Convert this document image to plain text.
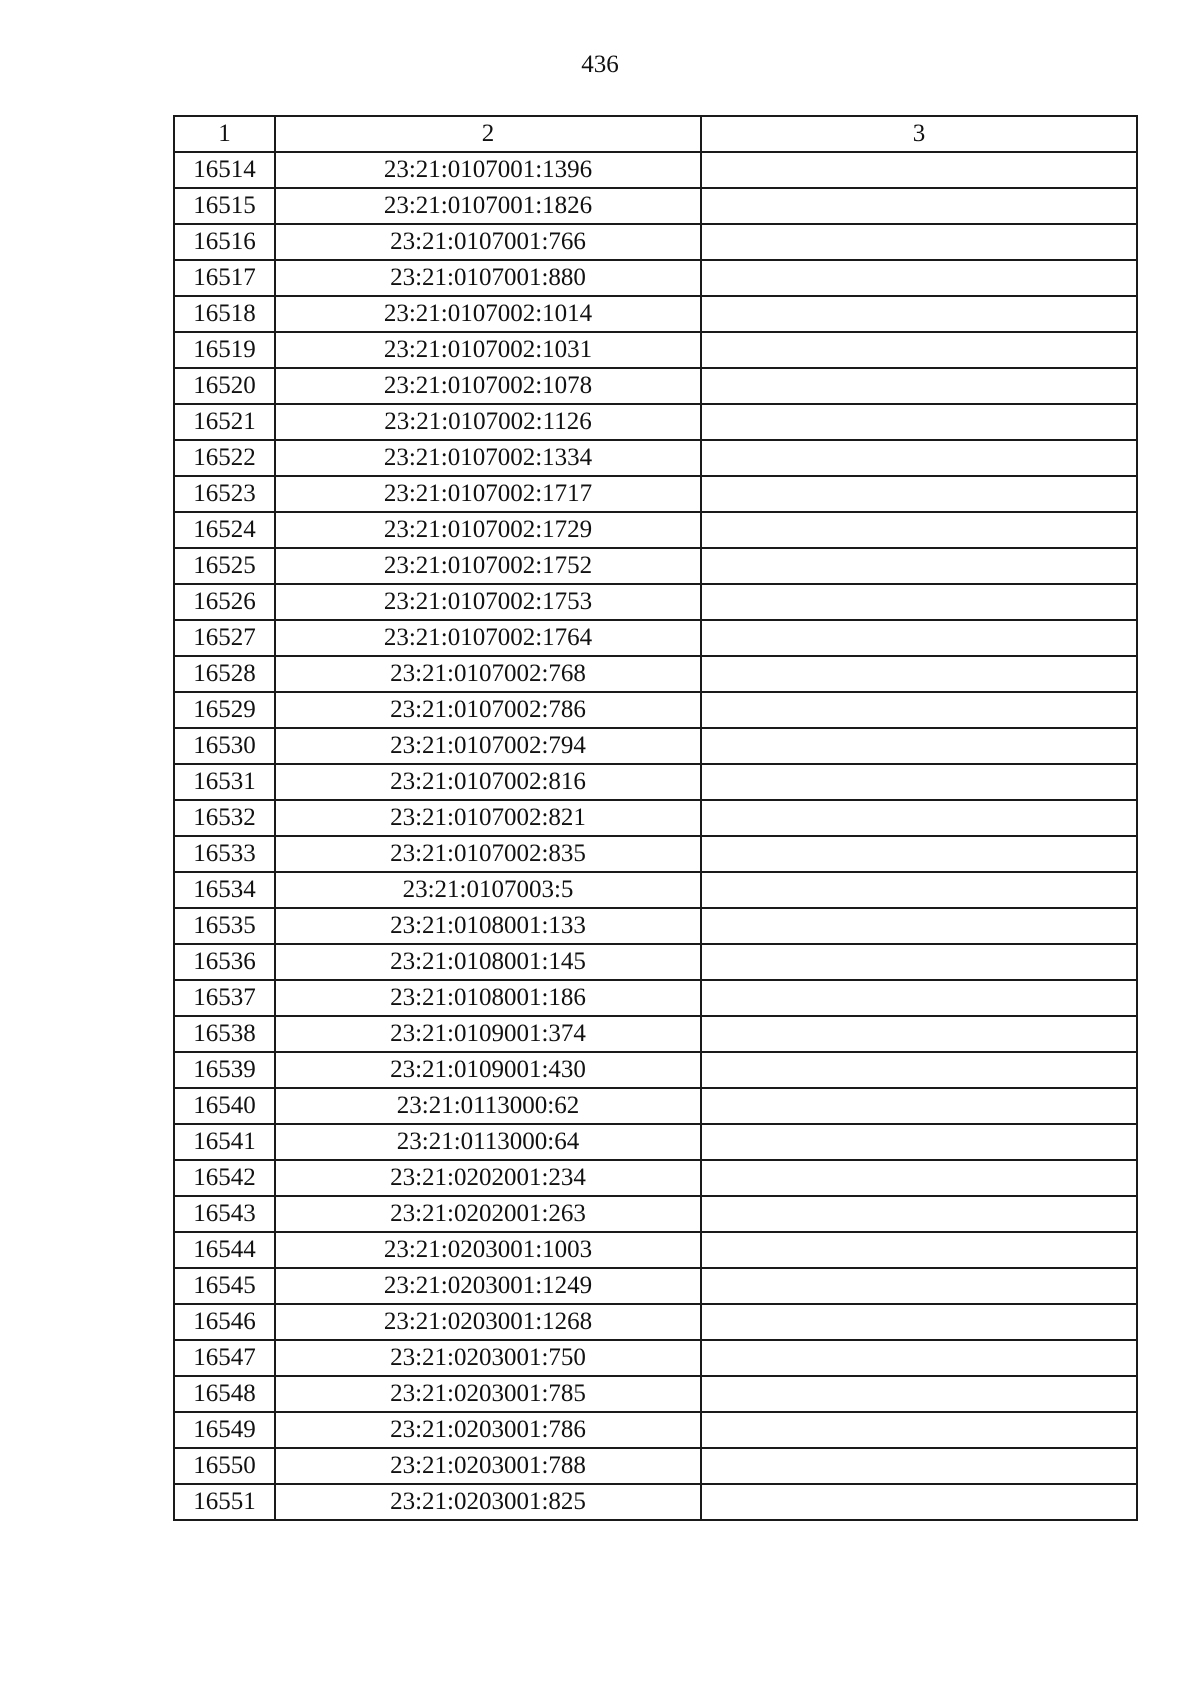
436
1	2	3
16514	23:21:0107001:1396	
16515	23:21:0107001:1826	
16516	23:21:0107001:766	
16517	23:21:0107001:880	
16518	23:21:0107002:1014	
16519	23:21:0107002:1031	
16520	23:21:0107002:1078	
16521	23:21:0107002:1126	
16522	23:21:0107002:1334	
16523	23:21:0107002:1717	
16524	23:21:0107002:1729	
16525	23:21:0107002:1752	
16526	23:21:0107002:1753	
16527	23:21:0107002:1764	
16528	23:21:0107002:768	
16529	23:21:0107002:786	
16530	23:21:0107002:794	
16531	23:21:0107002:816	
16532	23:21:0107002:821	
16533	23:21:0107002:835	
16534	23:21:0107003:5	
16535	23:21:0108001:133	
16536	23:21:0108001:145	
16537	23:21:0108001:186	
16538	23:21:0109001:374	
16539	23:21:0109001:430	
16540	23:21:0113000:62	
16541	23:21:0113000:64	
16542	23:21:0202001:234	
16543	23:21:0202001:263	
16544	23:21:0203001:1003	
16545	23:21:0203001:1249	
16546	23:21:0203001:1268	
16547	23:21:0203001:750	
16548	23:21:0203001:785	
16549	23:21:0203001:786	
16550	23:21:0203001:788	
16551	23:21:0203001:825	
